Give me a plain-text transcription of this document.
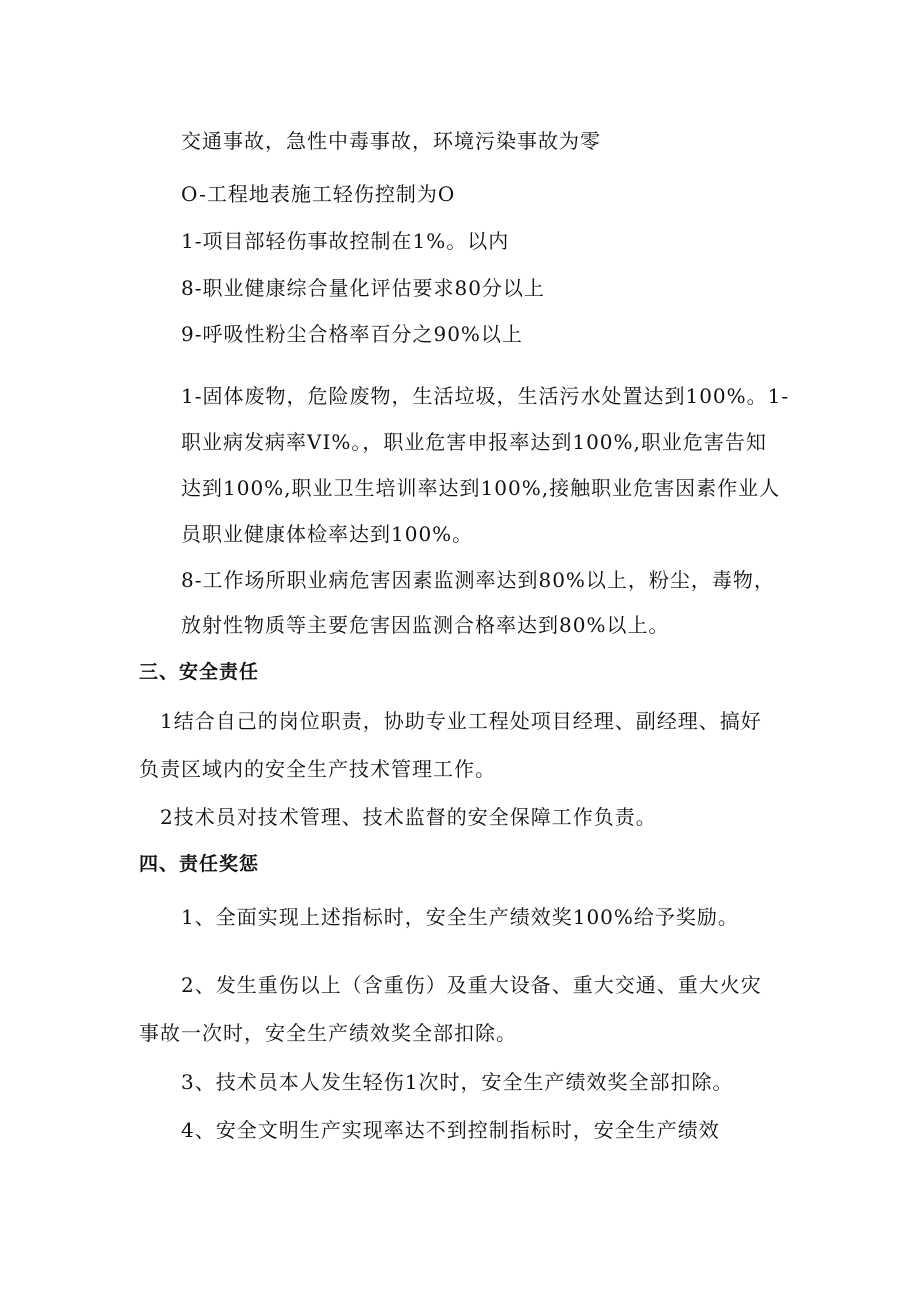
交通事故，急性中毒事故，环境污染事故为零
O-工程地表施工轻伤控制为O
1-项目部轻伤事故控制在1%。以内
8-职业健康综合量化评估要求80分以上
9-呼吸性粉尘合格率百分之90%以上
1-固体废物，危险废物，生活垃圾，生活污水处置达到100%。1-
职业病发病率VI%。，职业危害申报率达到100%,职业危害告知
达到100%,职业卫生培训率达到100%,接触职业危害因素作业人
员职业健康体检率达到100%。
8-工作场所职业病危害因素监测率达到80%以上，粉尘，毒物，
放射性物质等主要危害因监测合格率达到80%以上。
三、安全责任
1结合自己的岗位职责，协助专业工程处项目经理、副经理、搞好
负责区域内的安全生产技术管理工作。
2技术员对技术管理、技术监督的安全保障工作负责。
四、责任奖惩
1、全面实现上述指标时，安全生产绩效奖100%给予奖励。
2、发生重伤以上（含重伤）及重大设备、重大交通、重大火灾
事故一次时，安全生产绩效奖全部扣除。
3、技术员本人发生轻伤1次时，安全生产绩效奖全部扣除。
4、安全文明生产实现率达不到控制指标时，安全生产绩效
